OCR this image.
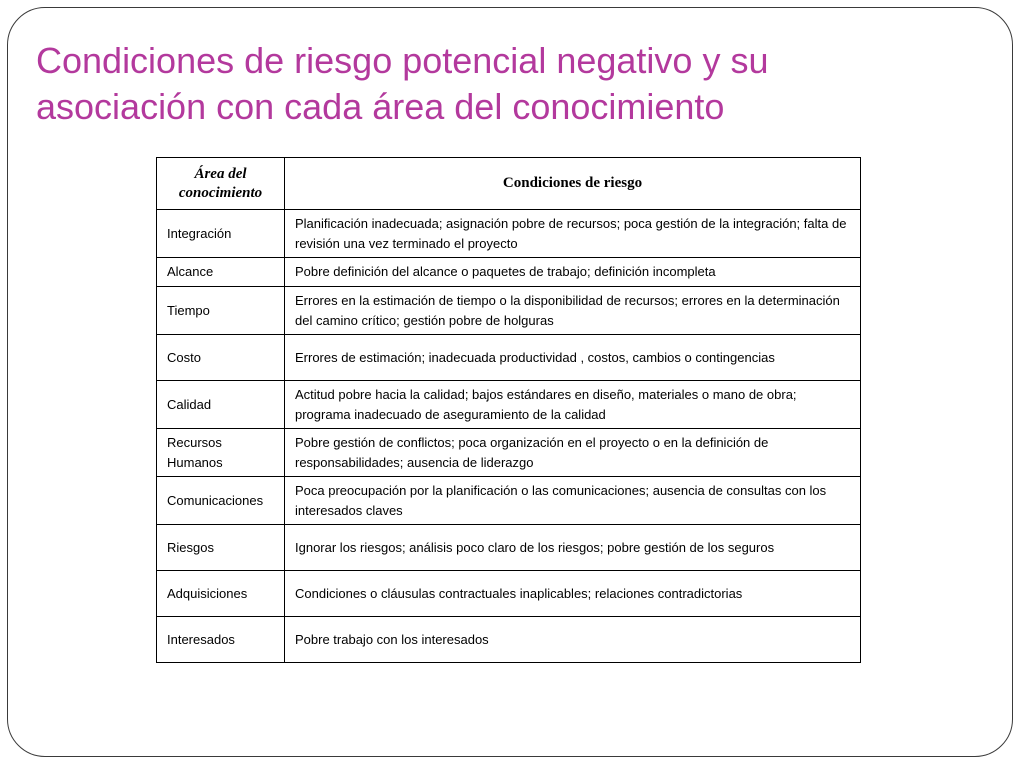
Condiciones de riesgo potencial negativo y su
asociación con cada área del conocimiento
Área del conocimiento	Condiciones de riesgo
Integración	Planificación inadecuada; asignación pobre de recursos; poca gestión de la integración; falta de revisión una vez terminado el proyecto
Alcance	Pobre definición del alcance o paquetes de trabajo; definición incompleta
Tiempo	Errores en la estimación de tiempo o la disponibilidad de recursos; errores en la determinación del camino crítico; gestión pobre de holguras
Costo	Errores de estimación; inadecuada productividad , costos, cambios o contingencias
Calidad	Actitud pobre hacia la calidad; bajos estándares en diseño, materiales o mano de obra; programa inadecuado de aseguramiento de la calidad
Recursos Humanos	Pobre gestión de conflictos; poca organización en el proyecto o en la definición de responsabilidades; ausencia de liderazgo
Comunicaciones	Poca preocupación por la planificación o las comunicaciones; ausencia de consultas con los interesados claves
Riesgos	Ignorar los riesgos; análisis poco claro de los riesgos; pobre gestión de los seguros
Adquisiciones	Condiciones o cláusulas contractuales inaplicables; relaciones contradictorias
Interesados	Pobre trabajo con los interesados
